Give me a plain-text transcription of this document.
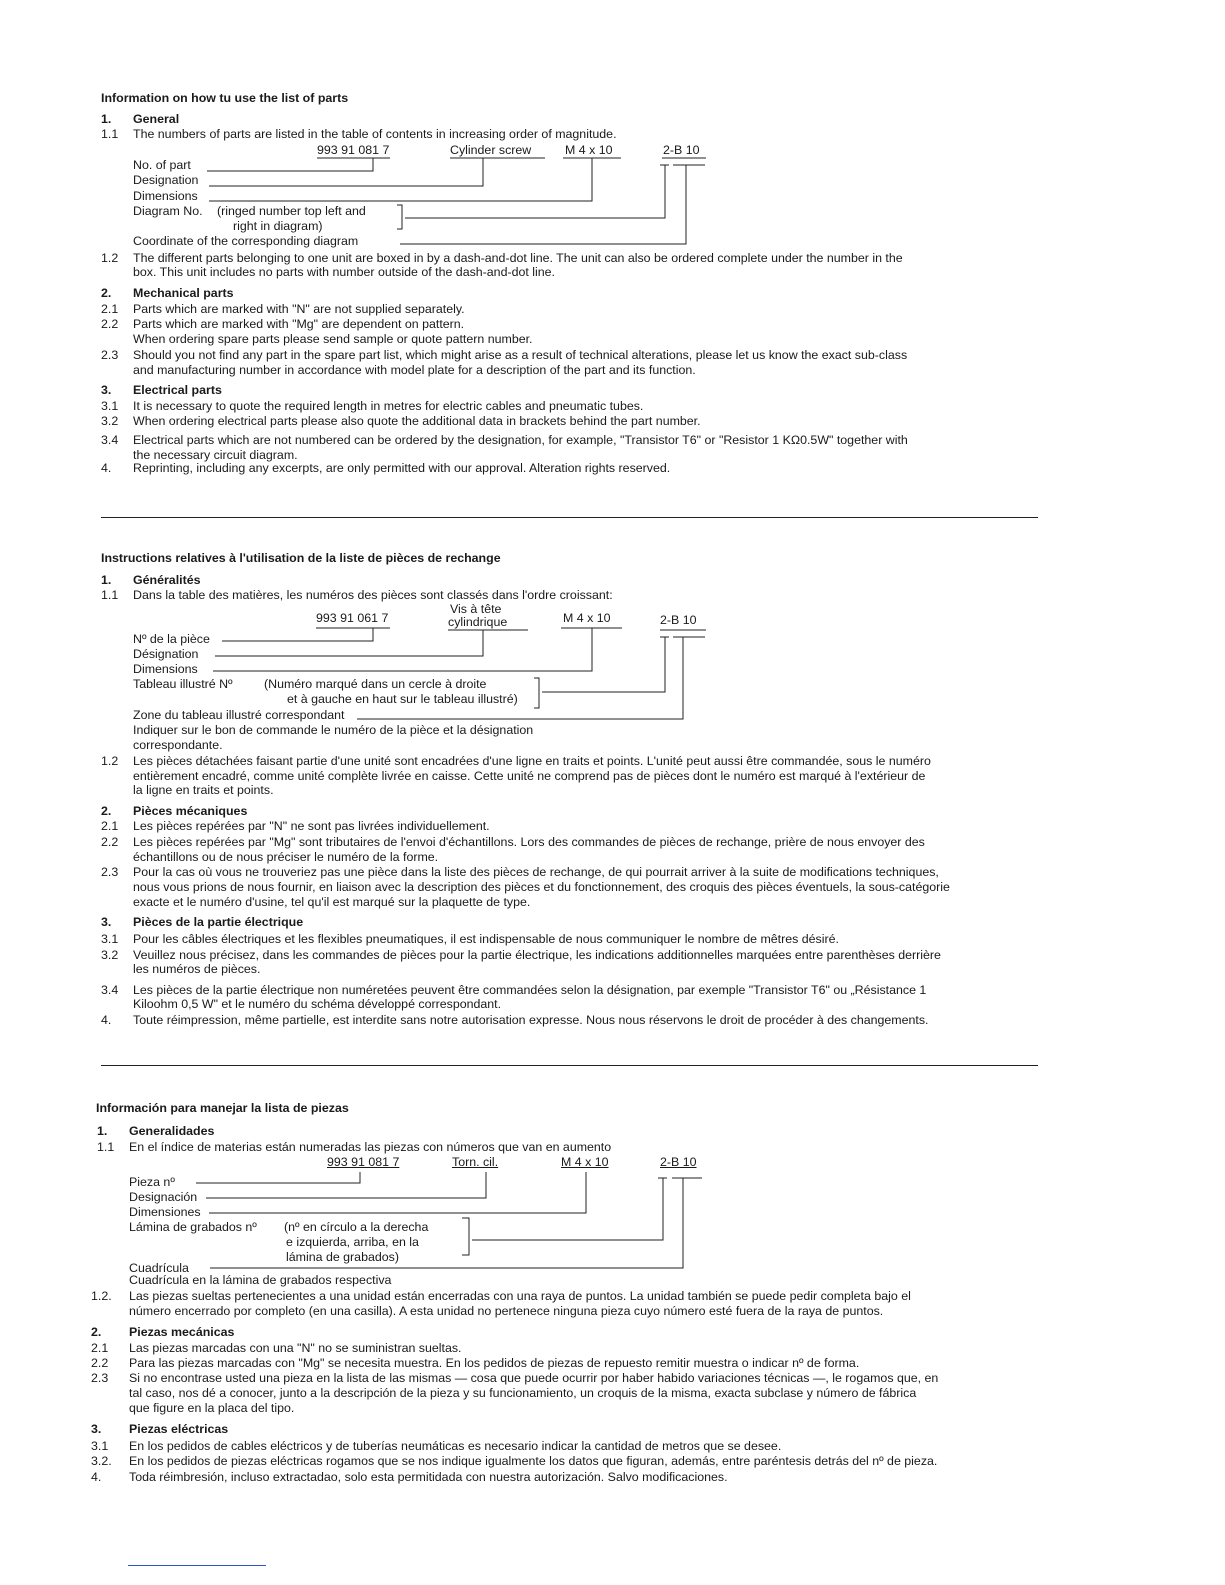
Information on how tu use the list of parts
1. General
1.1 The numbers of parts are listed in the table of contents in increasing order of magnitude.
993 91 081 7	Cylinder screw	M 4 x 10	2-B 10
No. of part
Designation
Dimensions
Diagram No. (ringed number top left and
right in diagram)
Coordinate of the corresponding diagram
1.2 The different parts belonging to one unit are boxed in by a dash-and-dot line. The unit can also be ordered complete under the number in the
box. This unit includes no parts with number outside of the dash-and-dot line.
2. Mechanical parts
2.1 Parts which are marked with "N" are not supplied separately.
2.2 Parts which are marked with "Mg" are dependent on pattern.
When ordering spare parts please send sample or quote pattern number.
2.3 Should you not find any part in the spare part list, which might arise as a result of technical alterations, please let us know the exact sub-class
and manufacturing number in accordance with model plate for a description of the part and its function.
3. Electrical parts
3.1 It is necessary to quote the required length in metres for electric cables and pneumatic tubes.
3.2 When ordering electrical parts please also quote the additional data in brackets behind the part number.
3.4 Electrical parts which are not numbered can be ordered by the designation, for example, "Transistor T6" or "Resistor 1 KΩ0.5W" together with
the necessary circuit diagram.
4. Reprinting, including any excerpts, are only permitted with our approval. Alteration rights reserved.
Instructions relatives à l'utilisation de la liste de pièces de rechange
1. Généralités
1.1 Dans la table des matières, les numéros des pièces sont classés dans l'ordre croissant:
993 91 061 7
Vis à tête
cylindrique	M 4 x 10	2-B 10
Nº de la pièce
Désignation
Dimensions
Tableau illustré Nº	(Numéro marqué dans un cercle à droite
et à gauche en haut sur le tableau illustré)
Zone du tableau illustré correspondant
Indiquer sur le bon de commande le numéro de la pièce et la désignation
correspondante.
1.2 Les pièces détachées faisant partie d'une unité sont encadrées d'une ligne en traits et points. L'unité peut aussi être commandée, sous le numéro
entièrement encadré, comme unité complète livrée en caisse. Cette unité ne comprend pas de pièces dont le numéro est marqué à l'extérieur de
la ligne en traits et points.
2. Pièces mécaniques
2.1 Les pièces repérées par "N" ne sont pas livrées individuellement.
2.2 Les pièces repérées par "Mg" sont tributaires de l'envoi d'échantillons. Lors des commandes de pièces de rechange, prière de nous envoyer des
échantillons ou de nous préciser le numéro de la forme.
2.3 Pour la cas où vous ne trouveriez pas une pièce dans la liste des pièces de rechange, de qui pourrait arriver à la suite de modifications techniques,
nous vous prions de nous fournir, en liaison avec la description des pièces et du fonctionnement, des croquis des pièces éventuels, la sous-catégorie
exacte et le numéro d'usine, tel qu'il est marqué sur la plaquette de type.
3. Pièces de la partie électrique
3.1 Pour les câbles électriques et les flexibles pneumatiques, il est indispensable de nous communiquer le nombre de mêtres désiré.
3.2 Veuillez nous précisez, dans les commandes de pièces pour la partie électrique, les indications additionnelles marquées entre parenthèses derrière
les numéros de pièces.
3.4 Les pièces de la partie électrique non numéretées peuvent être commandées selon la désignation, par exemple "Transistor T6" ou „Résistance 1
Kiloohm 0,5 W" et le numéro du schéma développé correspondant.
4. Toute réimpression, même partielle, est interdite sans notre autorisation expresse. Nous nous réservons le droit de procéder à des changements.
Información para manejar la lista de piezas
1. Generalidades
1.1 En el índice de materias están numeradas las piezas con números que van en aumento
993 91 081 7	Torn. cil.	M 4 x 10	2-B 10
Pieza nº
Designación
Dimensiones
Lámina de grabados nº (nº en círculo a la derecha
e izquierda, arriba, en la
lámina de grabados)
Cuadrícula
Cuadrícula en la lámina de grabados respectiva
1.2. Las piezas sueltas pertenecientes a una unidad están encerradas con una raya de puntos. La unidad también se puede pedir completa bajo el
número encerrado por completo (en una casilla). A esta unidad no pertenece ninguna pieza cuyo número esté fuera de la raya de puntos.
2. Piezas mecánicas
2.1 Las piezas marcadas con una "N" no se suministran sueltas.
2.2 Para las piezas marcadas con "Mg" se necesita muestra. En los pedidos de piezas de repuesto remitir muestra o indicar nº de forma.
2.3 Si no encontrase usted una pieza en la lista de las mismas — cosa que puede ocurrir por haber habido variaciones técnicas —, le rogamos que, en
tal caso, nos dé a conocer, junto a la descripción de la pieza y su funcionamiento, un croquis de la misma, exacta subclase y número de fábrica
que figure en la placa del tipo.
3. Piezas eléctricas
3.1 En los pedidos de cables eléctricos y de tuberías neumáticas es necesario indicar la cantidad de metros que se desee.
3.2. En los pedidos de piezas eléctricas rogamos que se nos indique igualmente los datos que figuran, además, entre paréntesis detrás del nº de pieza.
4. Toda réimbresión, incluso extractadao, solo esta permitidada con nuestra autorización. Salvo modificaciones.
